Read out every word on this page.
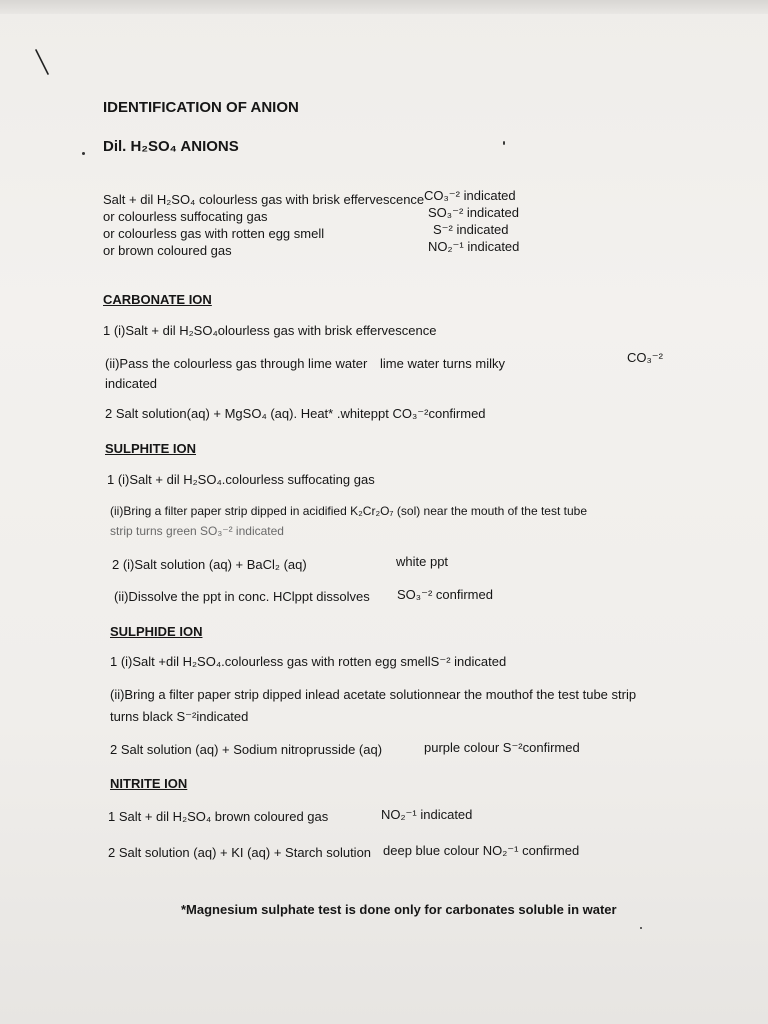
IDENTIFICATION OF ANION
Dil. H₂SO₄ ANIONS
Salt + dil H₂SO₄ colourless gas with brisk effervescence CO₃⁻² indicated
or colourless suffocating gas	SO₃⁻² indicated
or colourless gas with rotten egg smell	S⁻² indicated
or brown coloured gas	NO₂⁻¹ indicated
CARBONATE ION
1 (i)Salt + dil H₂SO₄olourless gas with brisk effervescence
(ii)Pass the colourless gas through lime water lime water turns milky	CO₃⁻²
indicated
2 Salt solution(aq) + MgSO₄ (aq). Heat* .whiteppt CO₃⁻²confirmed
SULPHITE ION
1 (i)Salt + dil H₂SO₄.colourless suffocating gas
(ii)Bring a filter paper strip dipped in acidified K₂Cr₂O₇ (sol) near the mouth of the test tube
strip turns green SO₃⁻² indicated
2 (i)Salt solution (aq) + BaCl₂ (aq)	white ppt
(ii)Dissolve the ppt in conc. HClppt dissolves SO₃⁻² confirmed
SULPHIDE ION
1 (i)Salt +dil H₂SO₄.colourless gas with rotten egg smellS⁻² indicated
(ii)Bring a filter paper strip dipped inlead acetate solutionnear the mouthof the test tube strip
turns black S⁻²indicated
2 Salt solution (aq) + Sodium nitroprusside (aq)	purple colour S⁻²confirmed
NITRITE ION
1 Salt + dil H₂SO₄ brown coloured gas	NO₂⁻¹ indicated
2 Salt solution (aq) + KI (aq) + Starch solution deep blue colour NO₂⁻¹ confirmed
*Magnesium sulphate test is done only for carbonates soluble in water
